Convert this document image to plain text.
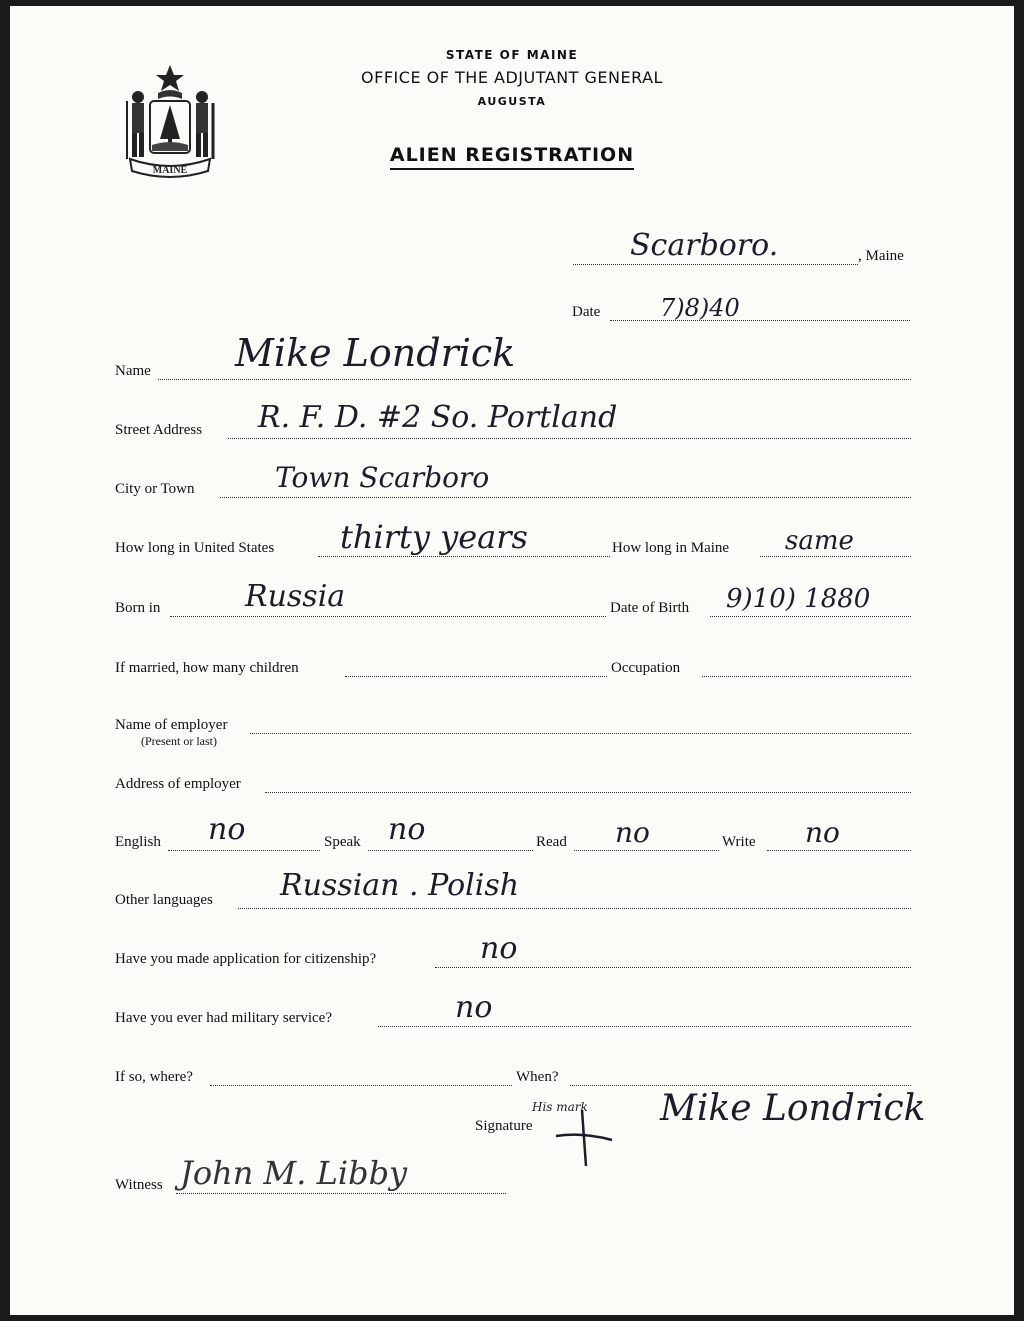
MAINE
STATE OF MAINE
OFFICE OF THE ADJUTANT GENERAL
AUGUSTA
ALIEN REGISTRATION
Scarboro.	, Maine
Date 7)8)40
Name Mike Londrick
Street Address R. F. D. #2 So. Portland
City or Town	Town Scarboro
How long in United States thirty years	How long in Maine same
Born in	Russia	Date of Birth 9)10) 1880
If married, how many children	Occupation
Name of employer
(Present or last)
Address of employer
English no	Speak no	Read no	Write no
Other languages Russian . Polish
Have you made application for citizenship?	no
Have you ever had military service?	no
If so, where?	When?
Signature
His mark Mike Londrick
Witness John M. Libby
